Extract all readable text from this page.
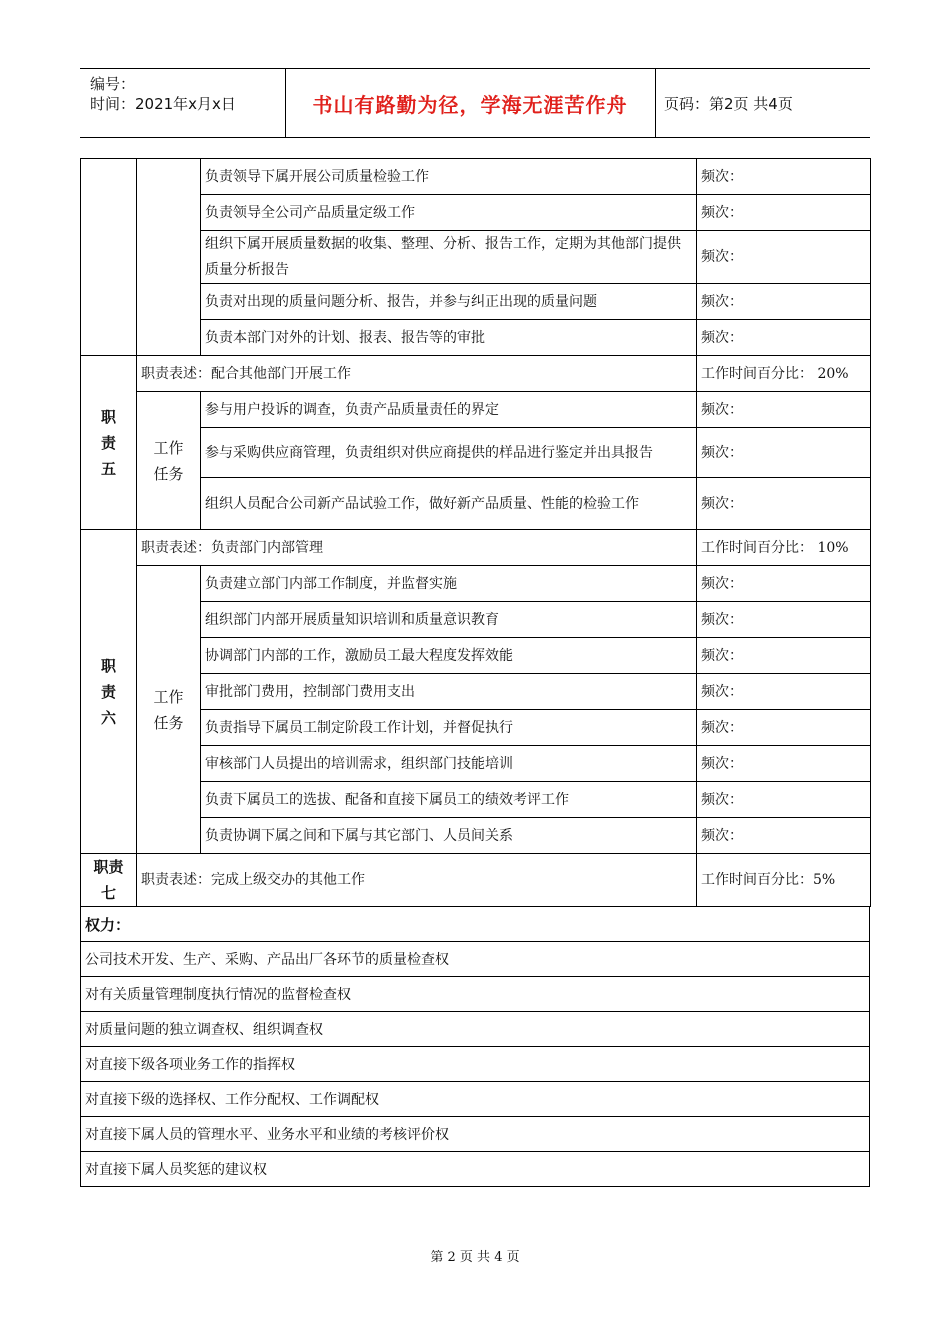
编号：
时间：2021年x月x日	书山有路勤为径，学海无涯苦作舟	页码：第2页 共4页
		负责领导下属开展公司质量检验工作	频次：
		负责领导全公司产品质量定级工作	频次：
		组织下属开展质量数据的收集、整理、分析、报告工作，定期为其他部门提供质量分析报告	频次：
		负责对出现的质量问题分析、报告，并参与纠正出现的质量问题	频次：
		负责本部门对外的计划、报表、报告等的审批	频次：
职责五	职责表述：配合其他部门开展工作		工作时间百分比： 20%
	工作任务	参与用户投诉的调查，负责产品质量责任的界定	频次：
		参与采购供应商管理，负责组织对供应商提供的样品进行鉴定并出具报告	频次：
		组织人员配合公司新产品试验工作，做好新产品质量、性能的检验工作	频次：
职责六	职责表述：负责部门内部管理		工作时间百分比： 10%
	工作任务	负责建立部门内部工作制度，并监督实施	频次：
		组织部门内部开展质量知识培训和质量意识教育	频次：
		协调部门内部的工作，激励员工最大程度发挥效能	频次：
		审批部门费用，控制部门费用支出	频次：
		负责指导下属员工制定阶段工作计划，并督促执行	频次：
		审核部门人员提出的培训需求，组织部门技能培训	频次：
		负责下属员工的选拔、配备和直接下属员工的绩效考评工作	频次：
		负责协调下属之间和下属与其它部门、人员间关系	频次：
职责七	职责表述：完成上级交办的其他工作		工作时间百分比：5%
权力：
公司技术开发、生产、采购、产品出厂各环节的质量检查权
对有关质量管理制度执行情况的监督检查权
对质量问题的独立调查权、组织调查权
对直接下级各项业务工作的指挥权
对直接下级的选择权、工作分配权、工作调配权
对直接下属人员的管理水平、业务水平和业绩的考核评价权
对直接下属人员奖惩的建议权
第 2 页 共 4 页
